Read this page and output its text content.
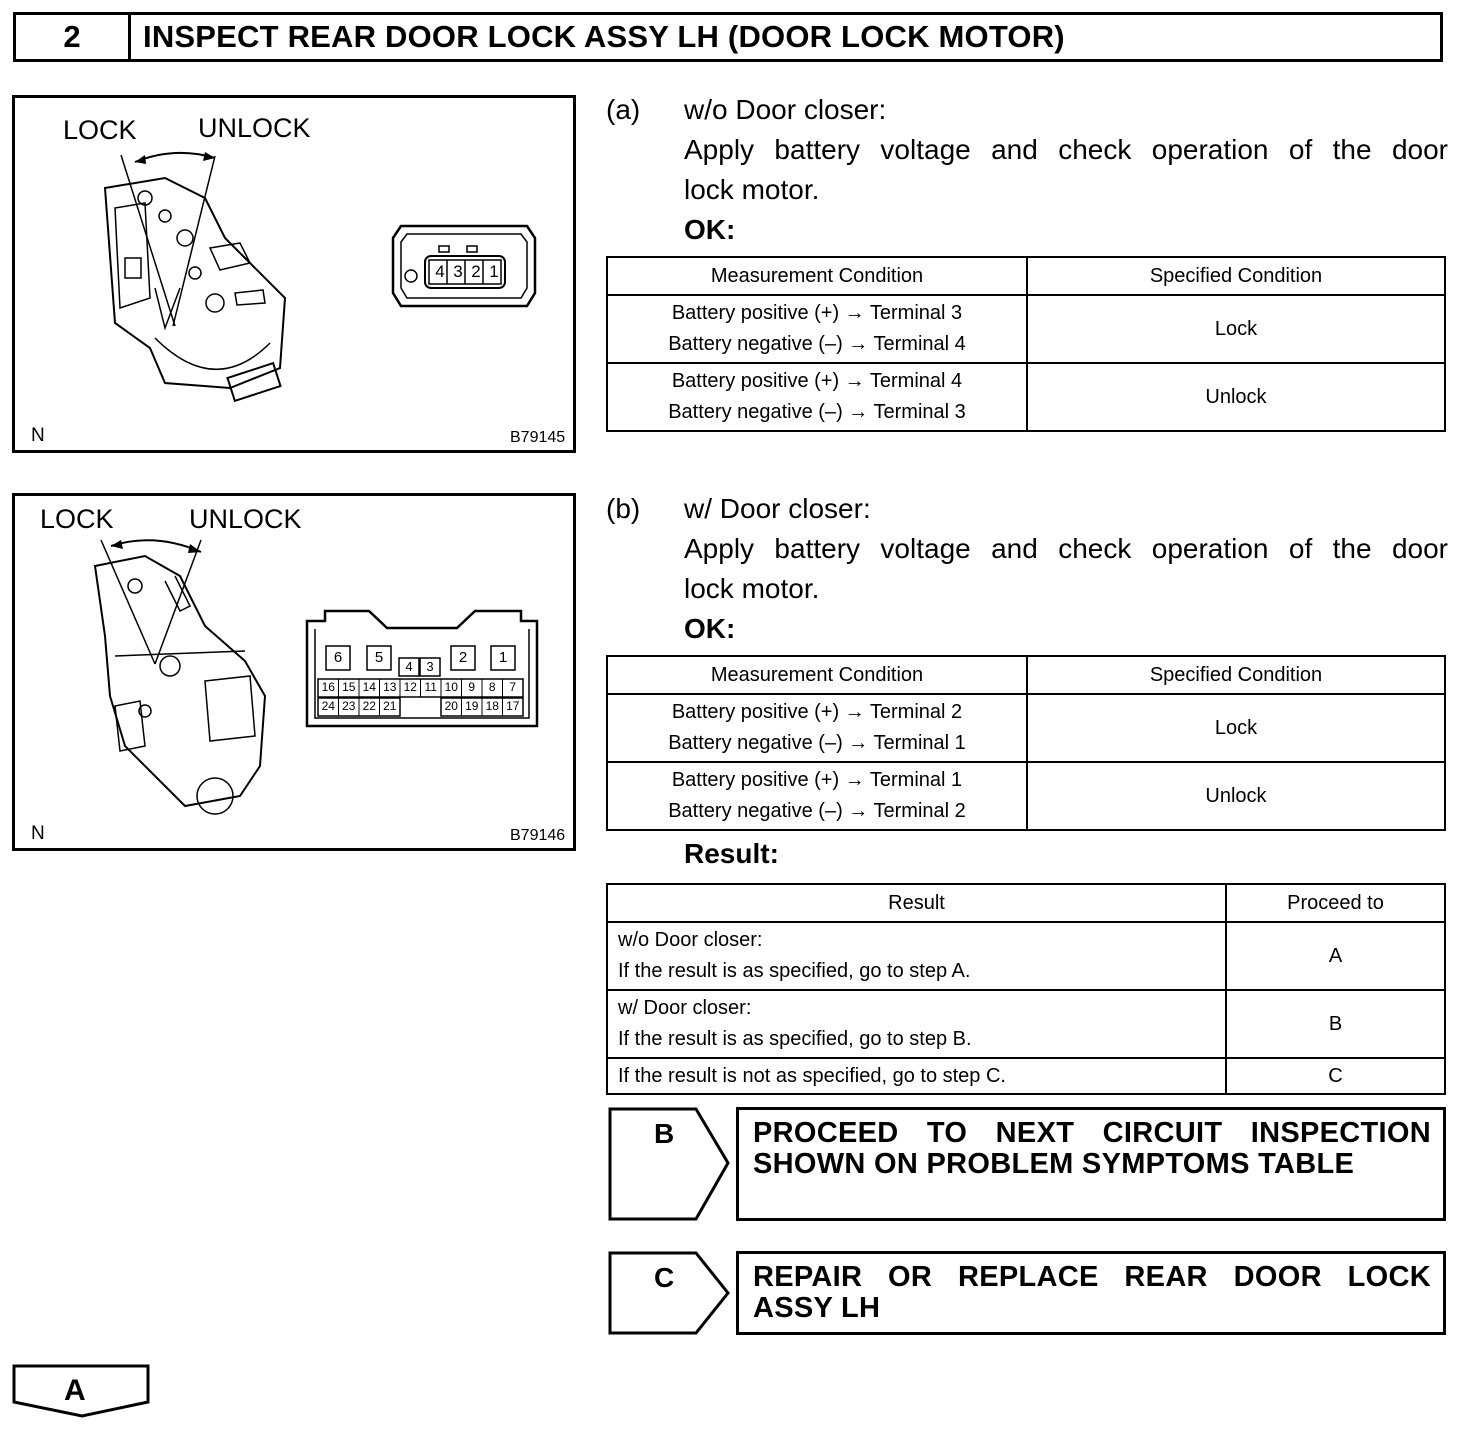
2	INSPECT REAR DOOR LOCK ASSY LH (DOOR LOCK MOTOR)
LOCK UNLOCK
4 3 2 1
N	B79145
LOCK	UNLOCK
6	5	2	1
4	3
16 15 14 13 12 11 10 9	8	7
24 23 22 21	20 19 18 17
N	B79146
(a) w/o Door closer:
Apply battery voltage and check operation of the door
lock motor.
OK:
Measurement Condition	Specified Condition

Battery positive (+) → Terminal 3
Battery negative (–) → Terminal 4	Lock

Battery positive (+) → Terminal 4
Battery negative (–) → Terminal 3	Unlock
(b) w/ Door closer:
Apply battery voltage and check operation of the door
lock motor.
OK:
Measurement Condition	Specified Condition

Battery positive (+) → Terminal 2
Battery negative (–) → Terminal 1	Lock

Battery positive (+) → Terminal 1
Battery negative (–) → Terminal 2	Unlock
Result:
Result	Proceed to

w/o Door closer:
If the result is as specified, go to step A.	A

w/ Door closer:
If the result is as specified, go to step B.	B
If the result is not as specified, go to step C.	C
B	PROCEED TO NEXT CIRCUIT INSPECTION
SHOWN ON PROBLEM SYMPTOMS TABLE
C	REPAIR OR REPLACE REAR DOOR LOCK
ASSY LH
A
